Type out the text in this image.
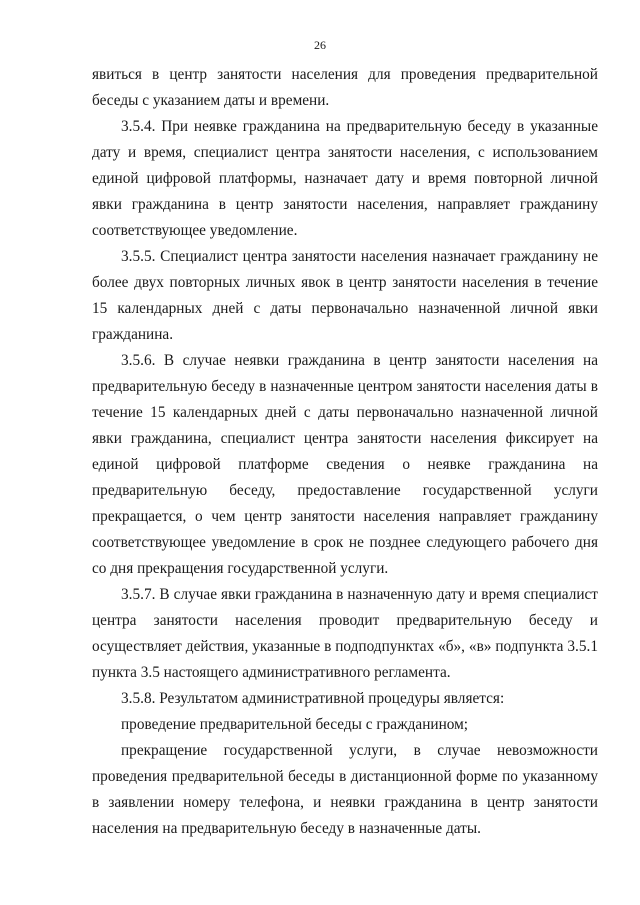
26

явиться в центр занятости населения для проведения предварительной беседы с указанием даты и времени.

3.5.4. При неявке гражданина на предварительную беседу в указанные дату и время, специалист центра занятости населения, с использованием единой цифровой платформы, назначает дату и время повторной личной явки гражданина в центр занятости населения, направляет гражданину соответствующее уведомление.

3.5.5. Специалист центра занятости населения назначает гражданину не более двух повторных личных явок в центр занятости населения в течение 15 календарных дней с даты первоначально назначенной личной явки гражданина.

3.5.6. В случае неявки гражданина в центр занятости населения на предварительную беседу в назначенные центром занятости населения даты в течение 15 календарных дней с даты первоначально назначенной личной явки гражданина, специалист центра занятости населения фиксирует на единой цифровой платформе сведения о неявке гражданина на предварительную беседу, предоставление государственной услуги прекращается, о чем центр занятости населения направляет гражданину соответствующее уведомление в срок не позднее следующего рабочего дня со дня прекращения государственной услуги.

3.5.7. В случае явки гражданина в назначенную дату и время специалист центра занятости населения проводит предварительную беседу и осуществляет действия, указанные в подподпунктах «б», «в» подпункта 3.5.1 пункта 3.5 настоящего административного регламента.

3.5.8. Результатом административной процедуры является:

проведение предварительной беседы с гражданином;

прекращение государственной услуги, в случае невозможности проведения предварительной беседы в дистанционной форме по указанному в заявлении номеру телефона, и неявки гражданина в центр занятости населения на предварительную беседу в назначенные даты.
